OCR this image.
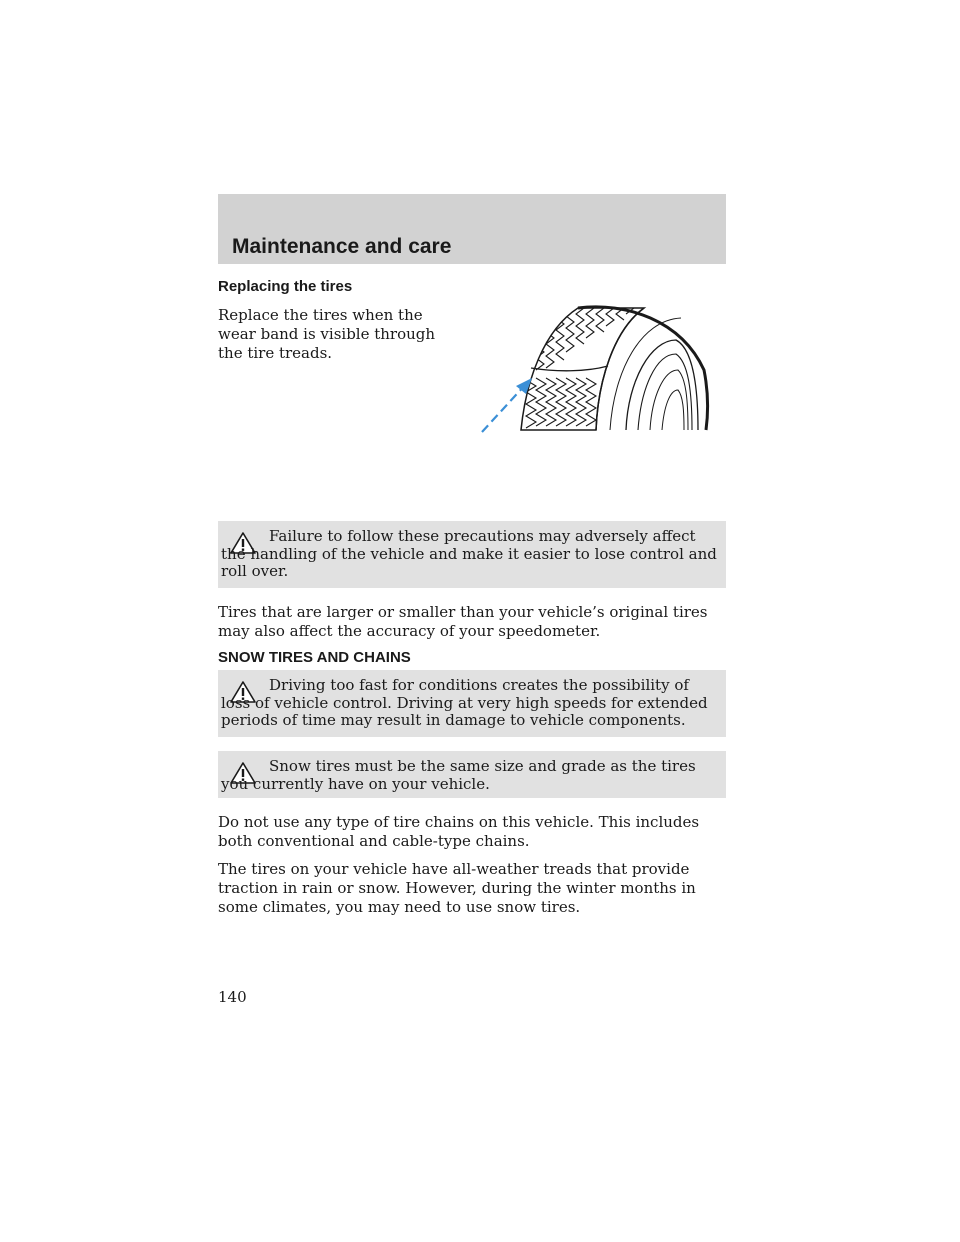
Maintenance and care
Replacing the tires

Replace the tires when the wear band is visible through the tire treads.

Failure to follow these precautions may adversely affect the handling of the vehicle and make it easier to lose control and roll over.

Tires that are larger or smaller than your vehicle’s original tires may also affect the accuracy of your speedometer.

SNOW TIRES AND CHAINS

Driving too fast for conditions creates the possibility of loss of vehicle control. Driving at very high speeds for extended periods of time may result in damage to vehicle components.

Snow tires must be the same size and grade as the tires you currently have on your vehicle.

Do not use any type of tire chains on this vehicle. This includes both conventional and cable-type chains.

The tires on your vehicle have all-weather treads that provide traction in rain or snow. However, during the winter months in some climates, you may need to use snow tires.

140
